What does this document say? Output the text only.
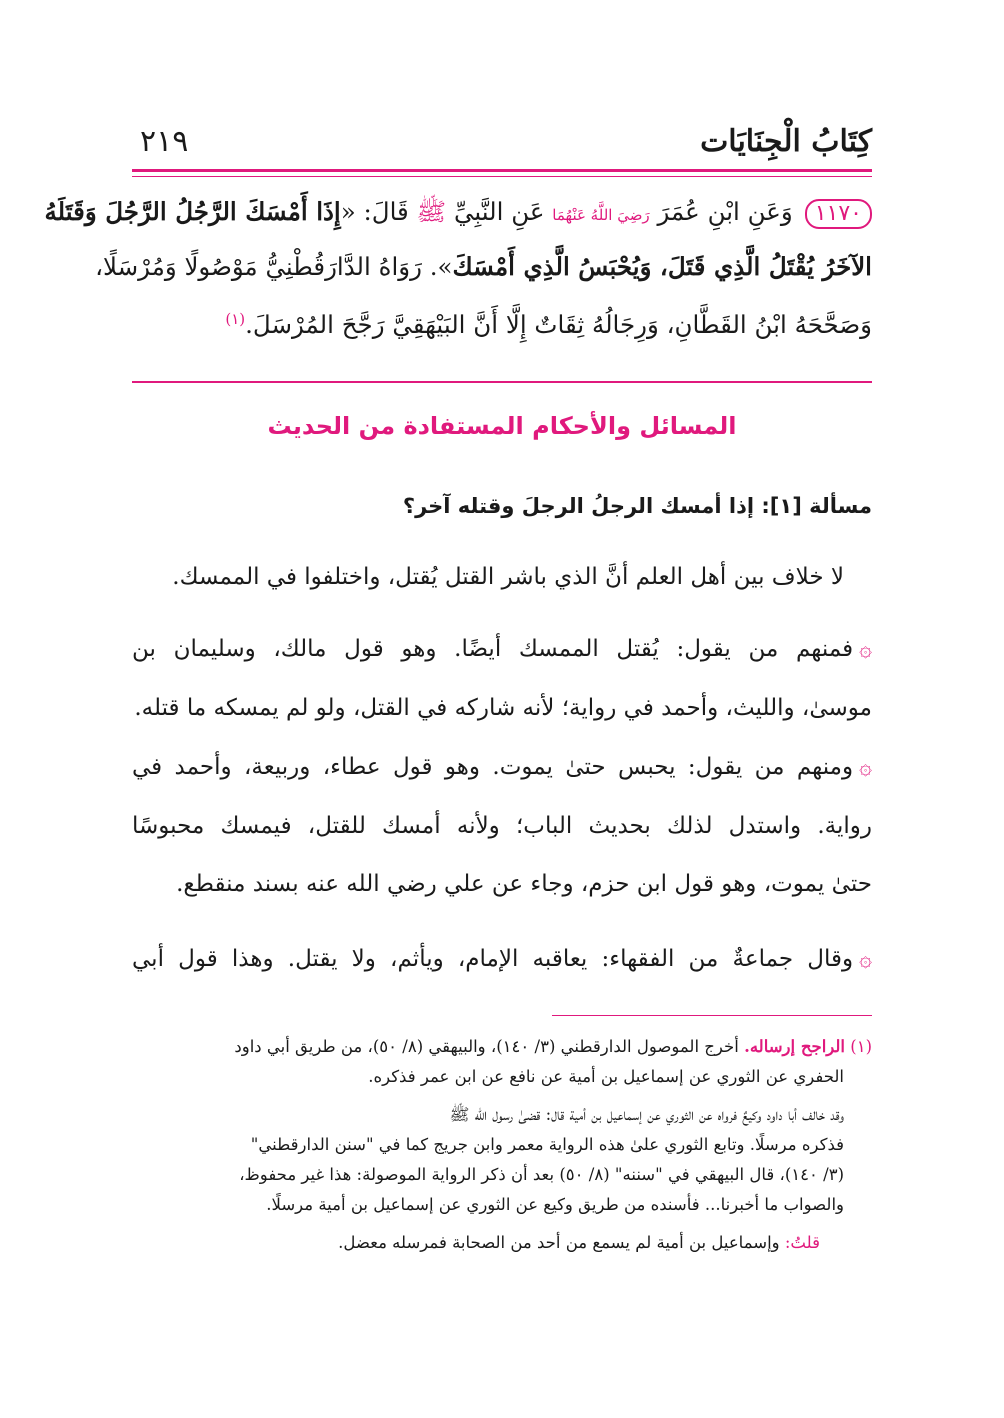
كِتَابُ الْجِنَايَات
٢١٩
١١٧٠وَعَنِ ابْنِ عُمَرَ رَضِيَ اللَّهُ عَنْهُمَا عَنِ النَّبِيِّ ﷺ قَالَ: «إِذَا أَمْسَكَ الرَّجُلُ الرَّجُلَ وَقَتَلَهُ
الآخَرُ يُقْتَلُ الَّذِي قَتَلَ، وَيُحْبَسُ الَّذِي أَمْسَكَ». رَوَاهُ الدَّارَقُطْنِيُّ مَوْصُولًا وَمُرْسَلًا،
وَصَحَّحَهُ ابْنُ القَطَّانِ، وَرِجَالُهُ ثِقَاتٌ إِلَّا أَنَّ البَيْهَقِيَّ رَجَّحَ المُرْسَلَ.$^{(١)}$
المسائل والأحكام المستفادة من الحديث
مسألة [١]: إذا أمسك الرجلُ الرجلَ وقتله آخر؟
لا خلاف بين أهل العلم أنَّ الذي باشر القتل يُقتل، واختلفوا في الممسك.
۞فمنهم من يقول: يُقتل الممسك أيضًا. وهو قول مالك، وسليمان بن
موسىٰ، والليث، وأحمد في رواية؛ لأنه شاركه في القتل، ولو لم يمسكه ما قتله.
۞ومنهم من يقول: يحبس حتىٰ يموت. وهو قول عطاء، وربيعة، وأحمد في
رواية. واستدل لذلك بحديث الباب؛ ولأنه أمسك للقتل، فيمسك محبوسًا
حتىٰ يموت، وهو قول ابن حزم، وجاء عن علي رضي الله عنه بسند منقطع.
۞وقال جماعةٌ من الفقهاء: يعاقبه الإمام، ويأثم، ولا يقتل. وهذا قول أبي
(١) الراجح إرساله. أخرج الموصول الدارقطني (٣/ ١٤٠)، والبيهقي (٨/ ٥٠)، من طريق أبي داود
الحفري عن الثوري عن إسماعيل بن أمية عن نافع عن ابن عمر فذكره.
وقد خالف أبا داود وكيعٌ فرواه عن الثوري عن إسماعيل بن أمية قال: قضىٰ رسول الله ﷺ
فذكره مرسلًا. وتابع الثوري علىٰ هذه الرواية معمر وابن جريج كما في "سنن الدارقطني"
(٣/ ١٤٠)، قال البيهقي في "سننه" (٨/ ٥٠) بعد أن ذكر الرواية الموصولة: هذا غير محفوظ،
والصواب ما أخبرنا... فأسنده من طريق وكيع عن الثوري عن إسماعيل بن أمية مرسلًا.
قلتُ: وإسماعيل بن أمية لم يسمع من أحد من الصحابة فمرسله معضل.
